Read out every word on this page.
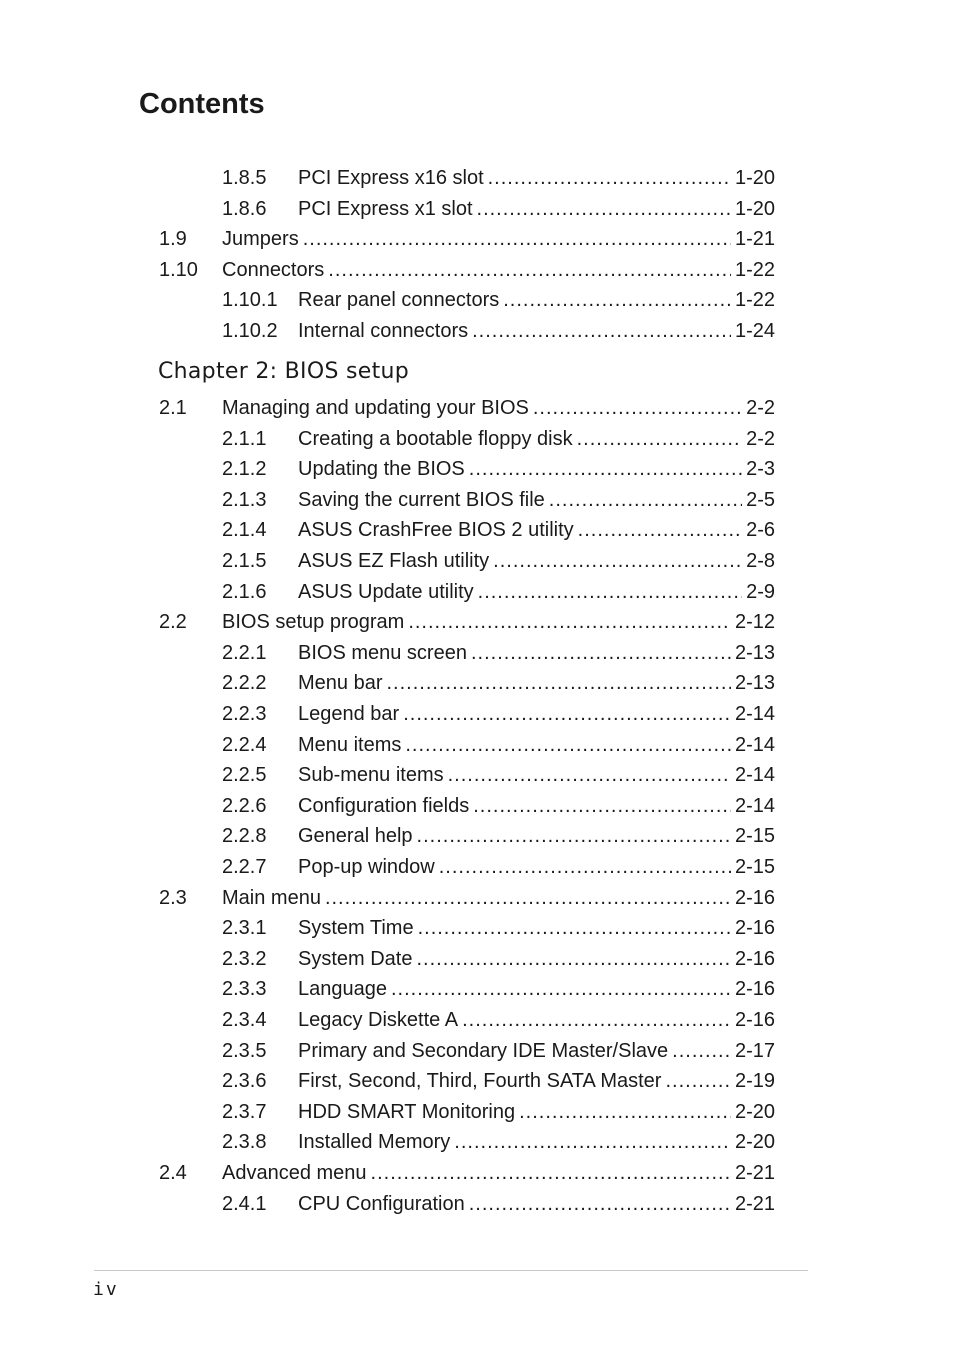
Contents
Chapter 2: BIOS setup
1.8.5 PCI Express x16 slot .....	1-20
1.8.6 PCI Express x1 slot .....	1-20
1.9 Jumpers .....	1-21
1.10 Connectors .....	1-22
1.10.1 Rear panel connectors .....	1-22
1.10.2 Internal connectors .....	1-24
2.1 Managing and updating your BIOS .....	2-2
2.1.1 Creating a bootable floppy disk .....	2-2
2.1.2 Updating the BIOS .....	2-3
2.1.3 Saving the current BIOS file .....	2-5
2.1.4 ASUS CrashFree BIOS 2 utility .....	2-6
2.1.5 ASUS EZ Flash utility .....	2-8
2.1.6 ASUS Update utility .....	2-9
2.2 BIOS setup program .....	2-12
2.2.1 BIOS menu screen .....	2-13
2.2.2 Menu bar .....	2-13
2.2.3 Legend bar .....	2-14
2.2.4 Menu items .....	2-14
2.2.5 Sub-menu items .....	2-14
2.2.6 Configuration fields .....	2-14
2.2.8 General help .....	2-15
2.2.7 Pop-up window .....	2-15
2.3 Main menu .....	2-16
2.3.1 System Time .....	2-16
2.3.2 System Date .....	2-16
2.3.3 Language .....	2-16
2.3.4 Legacy Diskette A .....	2-16
2.3.5 Primary and Secondary IDE Master/Slave .....	2-17
2.3.6 First, Second, Third, Fourth SATA Master .....	2-19
2.3.7 HDD SMART Monitoring .....	2-20
2.3.8 Installed Memory .....	2-20
2.4 Advanced menu .....	2-21
2.4.1 CPU Configuration .....	2-21
iv
